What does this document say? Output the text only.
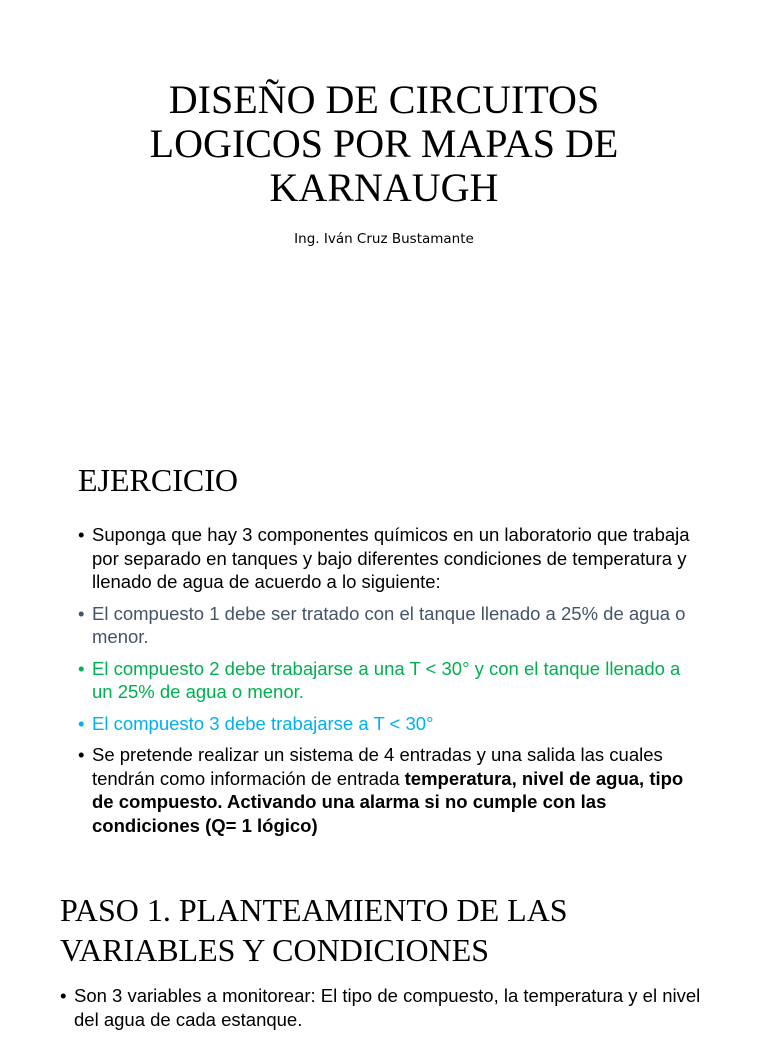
DISEÑO DE CIRCUITOS
LOGICOS POR MAPAS DE
KARNAUGH

Ing. Iván Cruz Bustamante

EJERCICIO
• Suponga que hay 3 componentes químicos en un laboratorio que trabaja por separado en tanques y bajo diferentes condiciones de temperatura y llenado de agua de acuerdo a lo siguiente:
• El compuesto 1 debe ser tratado con el tanque llenado a 25% de agua o menor.
• El compuesto 2 debe trabajarse a una T < 30° y con el tanque llenado a un 25% de agua o menor.
• El compuesto 3 debe trabajarse a T < 30°
• Se pretende realizar un sistema de 4 entradas y una salida las cuales tendrán como información de entrada temperatura, nivel de agua, tipo de compuesto. Activando una alarma si no cumple con las condiciones (Q= 1 lógico)
PASO 1. PLANTEAMIENTO DE LAS
VARIABLES Y CONDICIONES
• Son 3 variables a monitorear: El tipo de compuesto, la temperatura y el nivel del agua de cada estanque.
